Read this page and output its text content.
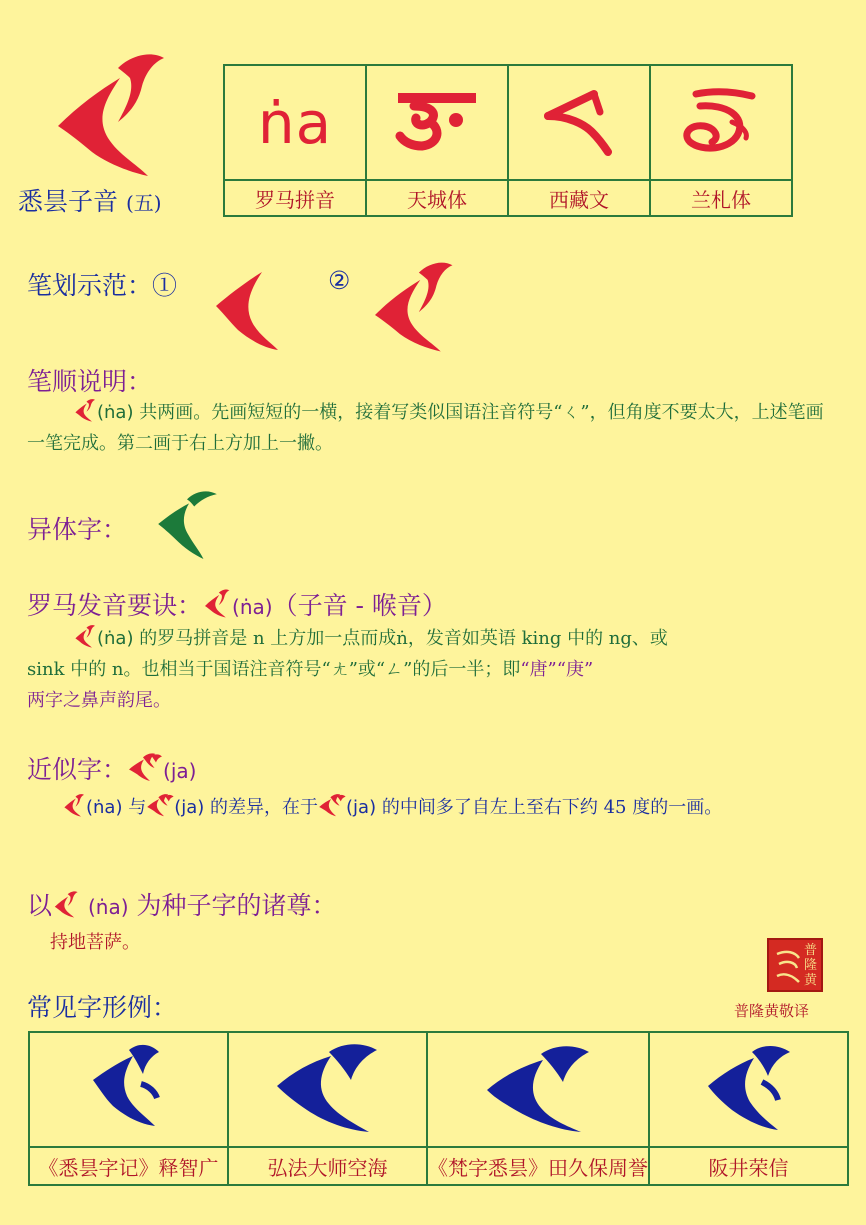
悉昙子音 (五)
ṅa			
罗马拼音	天城体	西藏文	兰札体
笔划示范：①	②
笔顺说明：
(ṅa) 共两画。先画短短的一横，接着写类似国语注音符号“ㄑ”，但角度不要太大，上述笔画一笔完成。第二画于右上方加上一撇。
异体字：
罗马发音要诀： (ṅa)（子音 - 喉音）
(ṅa) 的罗马拼音是 n 上方加一点而成ṅ，发音如英语 king 中的 ng、或
sink 中的 n。也相当于国语注音符号“ㄤ”或“ㄥ”的后一半；即“唐”“庚”
两字之鼻声韵尾。
近似字： (ja)
(ṅa) 与 (ja) 的差异，在于 (ja) 的中间多了自左上至右下约 45 度的一画。
以 (ṅa) 为种子字的诸尊：
持地菩萨。	普
隆
黄
普隆黄敬译
常见字形例：

《悉昙字记》释智广	弘法大师空海	《梵字悉昙》田久保周誉	阪井荣信
